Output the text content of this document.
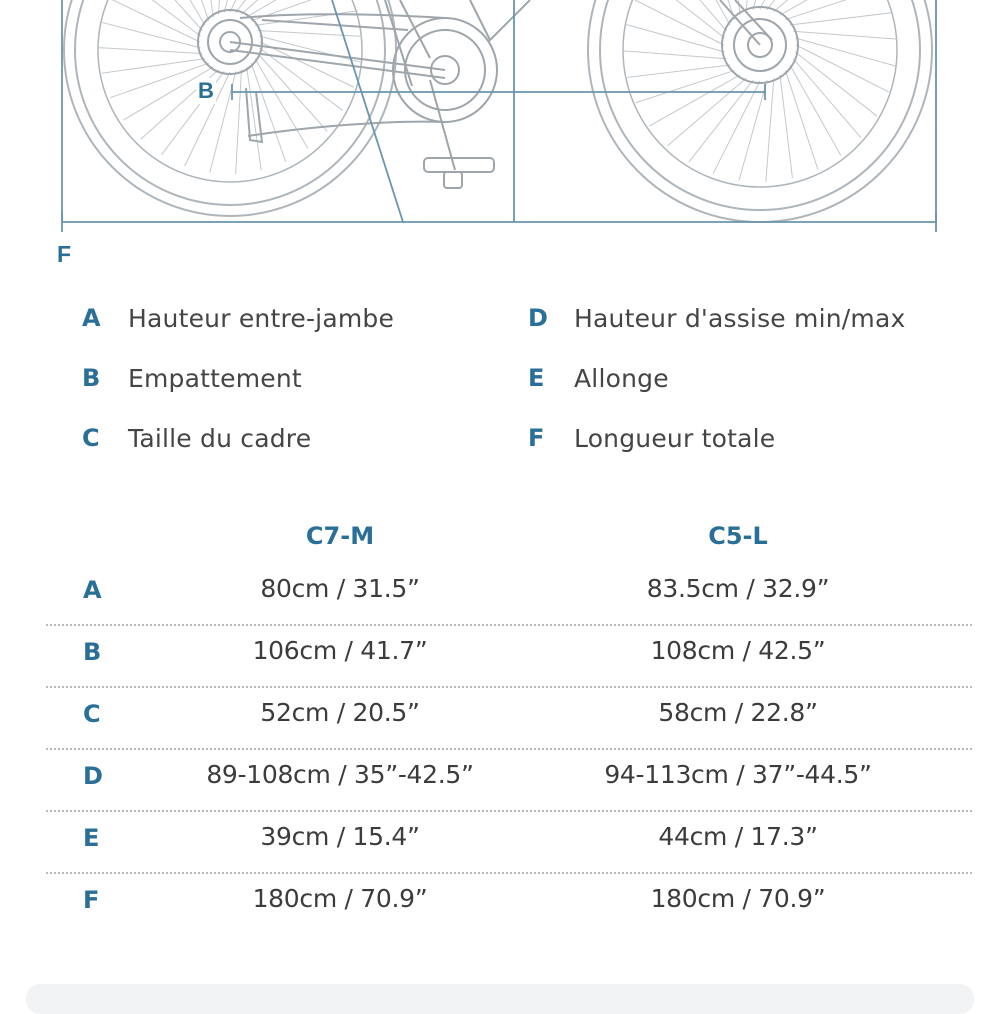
B
F
A	Hauteur entre-jambe
B	Empattement
C	Taille du cadre
D	Hauteur d'assise min/max
E	Allonge
F	Longueur totale
C7-M	C5-L
A	80cm / 31.5”	83.5cm / 32.9”
B	106cm / 41.7”	108cm / 42.5”
C	52cm / 20.5”	58cm / 22.8”
D	89-108cm / 35”-42.5”	94-113cm / 37”-44.5”
E	39cm / 15.4”	44cm / 17.3”
F	180cm / 70.9”	180cm / 70.9”
